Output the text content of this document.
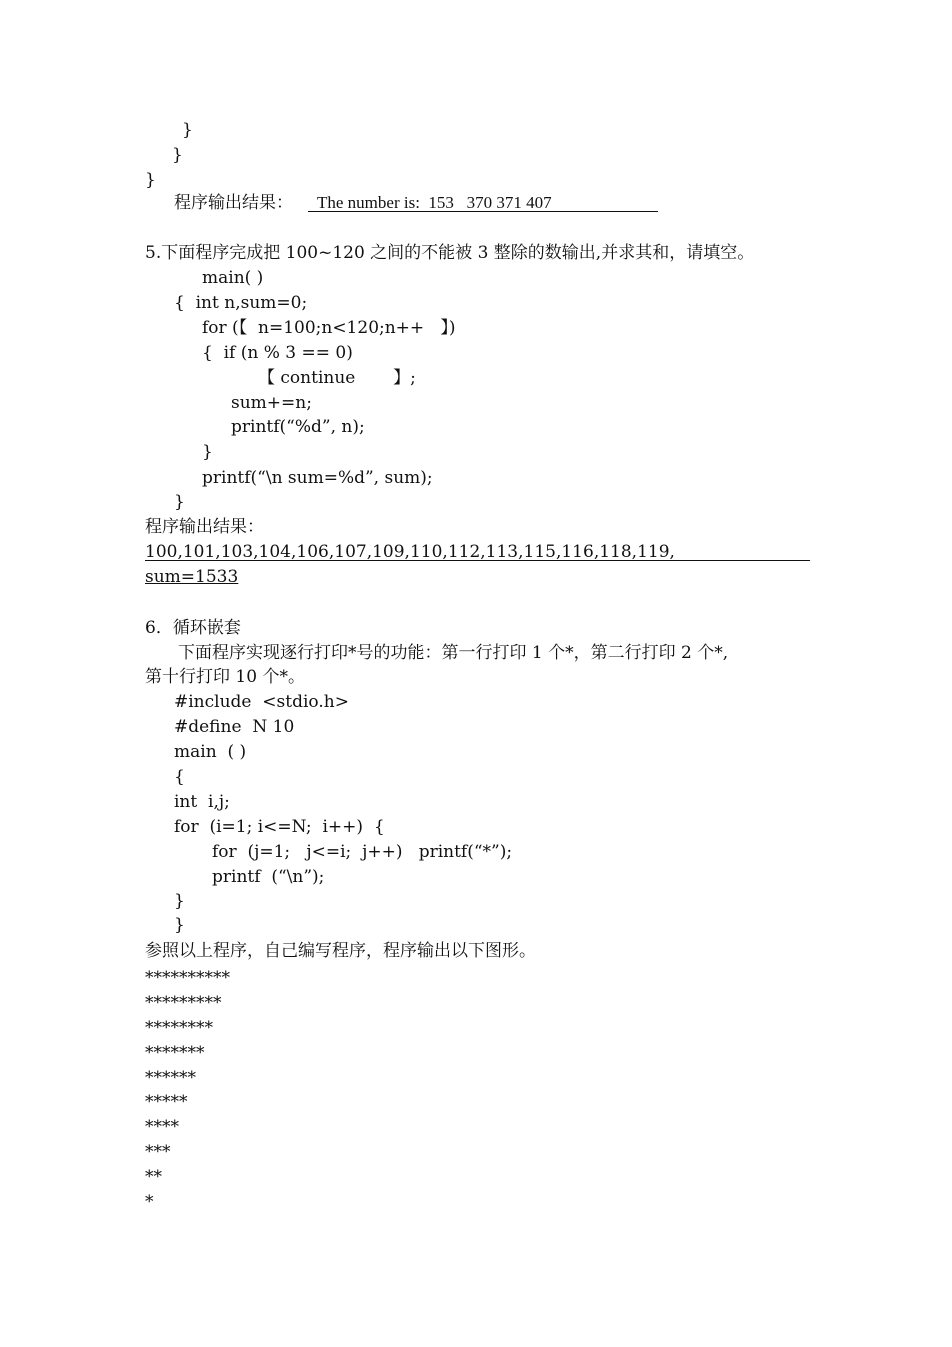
}
}
}
程序输出结果： The number is:  153   370 371 407
5.下面程序完成把 100~120 之间的不能被 3 整除的数输出,并求其和，请填空。
main( )
{  int n,sum=0;
for (【  n=100;n<120;n++   】)
{  if (n % 3 == 0)
【 continue       】;
sum+=n;
printf(“%d”, n);
}
printf(“\n sum=%d”, sum);
}
程序输出结果：
100,101,103,104,106,107,109,110,112,113,115,116,118,119,
sum=1533
6．循环嵌套
下面程序实现逐行打印*号的功能：第一行打印 1 个*，第二行打印 2 个*,
第十行打印 10 个*。
#include  <stdio.h>
#define  N 10
main  ( )
{
int  i,j;
for  (i=1; i<=N;  i++)  {
for  (j=1;   j<=i;  j++)   printf(“*”);
printf  (“\n”);
}
}
参照以上程序，自己编写程序，程序输出以下图形。
**********
*********
********
*******
******
*****
****
***
**
*
